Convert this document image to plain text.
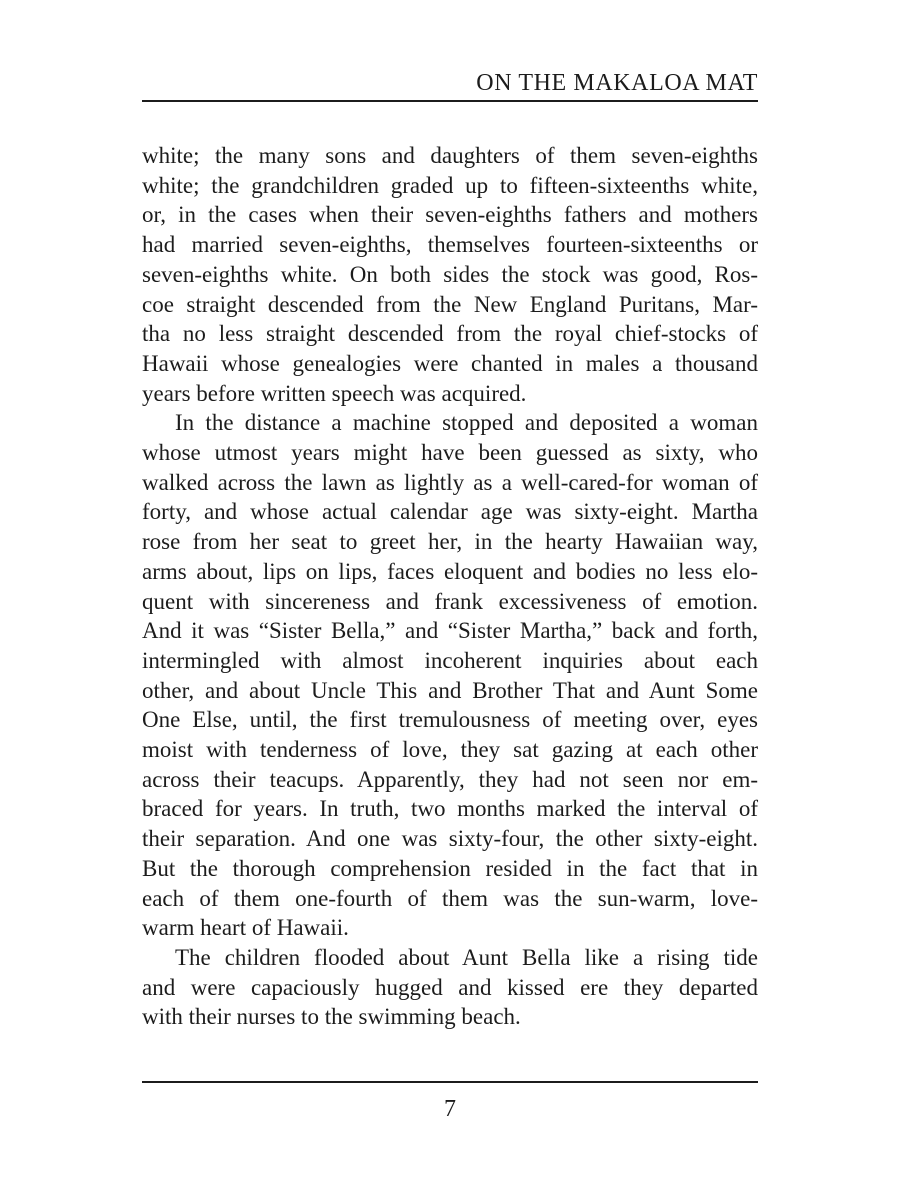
ON THE MAKALOA MAT

white; the many sons and daughters of them seven-eighths
white; the grandchildren graded up to fifteen-sixteenths white,
or, in the cases when their seven-eighths fathers and mothers
had married seven-eighths, themselves fourteen-sixteenths or
seven-eighths white. On both sides the stock was good, Ros-
coe straight descended from the New England Puritans, Mar-
tha no less straight descended from the royal chief-stocks of
Hawaii whose genealogies were chanted in males a thousand
years before written speech was acquired.

In the distance a machine stopped and deposited a woman
whose utmost years might have been guessed as sixty, who
walked across the lawn as lightly as a well-cared-for woman of
forty, and whose actual calendar age was sixty-eight. Martha
rose from her seat to greet her, in the hearty Hawaiian way,
arms about, lips on lips, faces eloquent and bodies no less elo-
quent with sincereness and frank excessiveness of emotion.
And it was “Sister Bella,” and “Sister Martha,” back and forth,
intermingled with almost incoherent inquiries about each
other, and about Uncle This and Brother That and Aunt Some
One Else, until, the first tremulousness of meeting over, eyes
moist with tenderness of love, they sat gazing at each other
across their teacups. Apparently, they had not seen nor em-
braced for years. In truth, two months marked the interval of
their separation. And one was sixty-four, the other sixty-eight.
But the thorough comprehension resided in the fact that in
each of them one-fourth of them was the sun-warm, love-
warm heart of Hawaii.

The children flooded about Aunt Bella like a rising tide
and were capaciously hugged and kissed ere they departed
with their nurses to the swimming beach.

7
